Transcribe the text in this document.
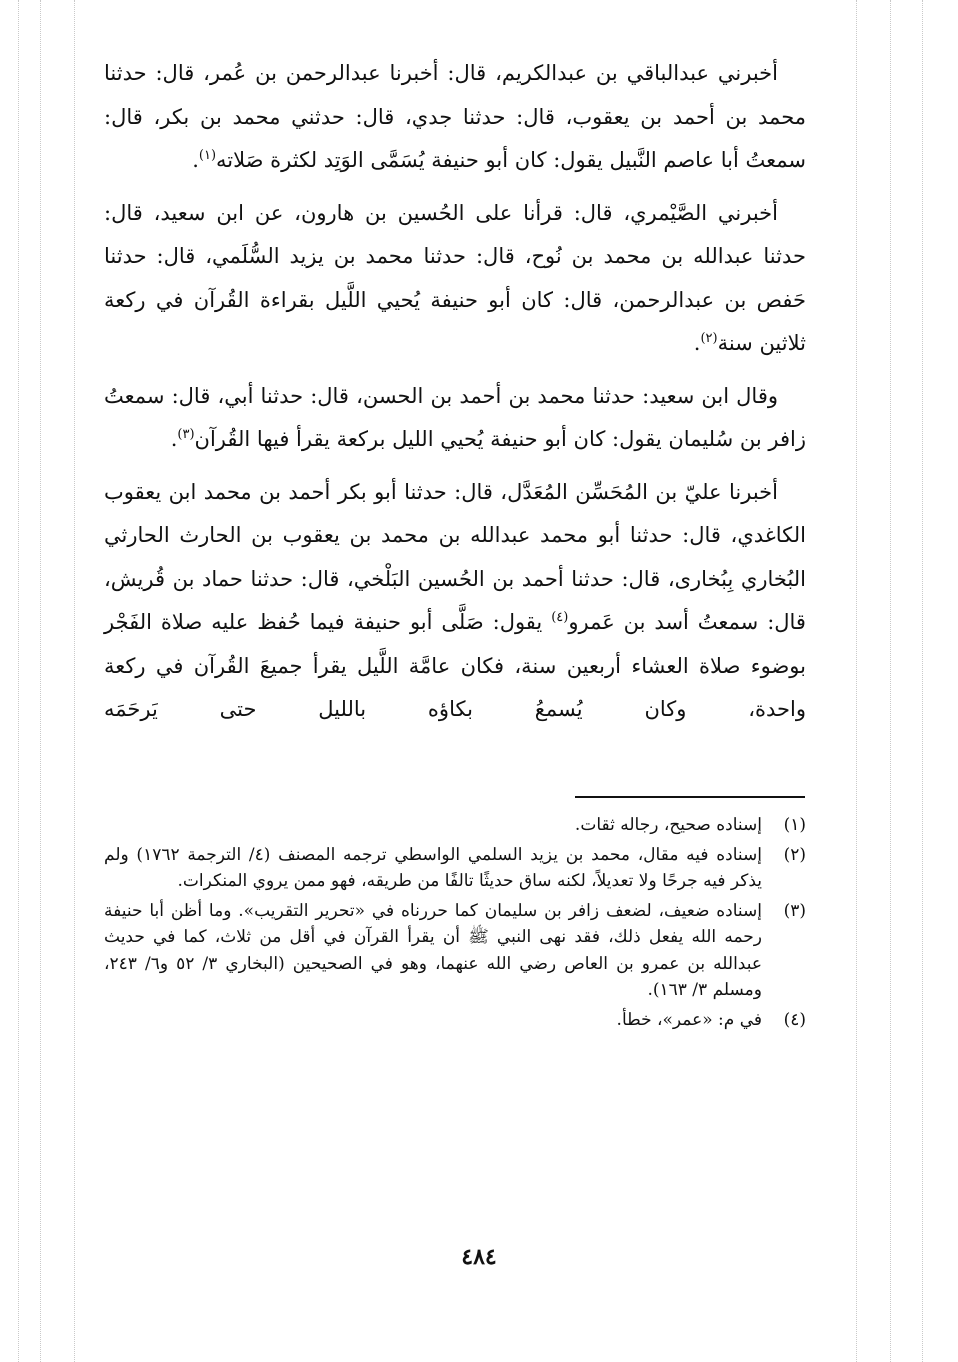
أخبرني عبدالباقي بن عبدالكريم، قال: أخبرنا عبدالرحمن بن عُمر، قال: حدثنا محمد بن أحمد بن يعقوب، قال: حدثنا جدي، قال: حدثني محمد بن بكر، قال: سمعتُ أبا عاصم النَّبيل يقول: كان أبو حنيفة يُسَمَّى الوَتِد لكثرة صَلاته$^{(١)}$.

أخبرني الصَّيْمري، قال: قرأنا على الحُسين بن هارون، عن ابن سعيد، قال: حدثنا عبدالله بن محمد بن نُوح، قال: حدثنا محمد بن يزيد السُّلَمي، قال: حدثنا حَفص بن عبدالرحمن، قال: كان أبو حنيفة يُحيي اللَّيل بقراءة القُرآن في ركعة ثلاثين سنة$^{(٢)}$.

وقال ابن سعيد: حدثنا محمد بن أحمد بن الحسن، قال: حدثنا أبي، قال: سمعتُ زافر بن سُليمان يقول: كان أبو حنيفة يُحيي الليل بركعة يقرأ فيها القُرآن$^{(٣)}$.

أخبرنا عليّ بن المُحَسِّن المُعَدَّل، قال: حدثنا أبو بكر أحمد بن محمد ابن يعقوب الكاغدي، قال: حدثنا أبو محمد عبدالله بن محمد بن يعقوب بن الحارث الحارثي البُخاري بِبُخارى، قال: حدثنا أحمد بن الحُسين البَلْخي، قال: حدثنا حماد بن قُريش، قال: سمعتُ أسد بن عَمرو$^{(٤)}$ يقول: صَلَّى أبو حنيفة فيما حُفظ عليه صلاة الفَجْر بوضوء صلاة العشاء أربعين سنة، فكان عامَّة اللَّيل يقرأ جميعَ القُرآن في ركعة واحدة، وكان يُسمعُ بكاؤه بالليل حتى يَرحَمَه

(١)
إسناده صحيح، رجاله ثقات.
(٢)
إسناده فيه مقال، محمد بن يزيد السلمي الواسطي ترجمه المصنف (٤/ الترجمة ١٧٦٢) ولم يذكر فيه جرحًا ولا تعديلاً، لكنه ساق حديثًا تالفًا من طريقه، فهو ممن يروي المنكرات.
(٣)
إسناده ضعيف، لضعف زافر بن سليمان كما حررناه في «تحرير التقريب». وما أظن أبا حنيفة رحمه الله يفعل ذلك، فقد نهى النبي ﷺ أن يقرأ القرآن في أقل من ثلاث، كما في حديث عبدالله بن عمرو بن العاص رضي الله عنهما، وهو في الصحيحين (البخاري ٣/ ٥٢ و٦/ ٢٤٣، ومسلم ٣/ ١٦٣).
(٤)
في م: «عمر»، خطأ.
٤٨٤
